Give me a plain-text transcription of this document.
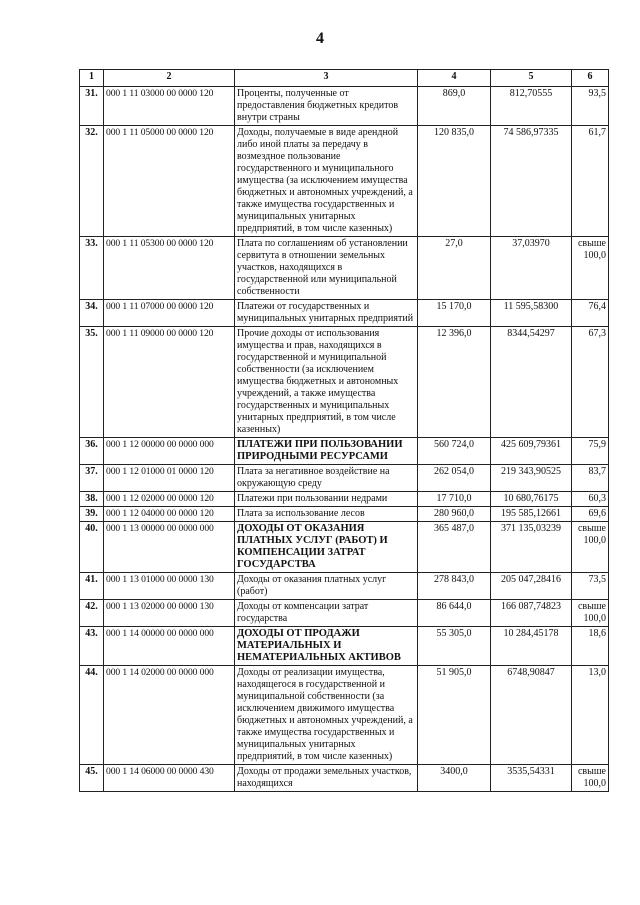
4
1	2	3	4	5	6
31.	000 1 11 03000 00 0000 120	Проценты, полученные от предоставления бюджетных кредитов внутри страны	869,0	812,70555	93,5
32.	000 1 11 05000 00 0000 120	Доходы, получаемые в виде арендной либо иной платы за передачу в возмездное пользование государственного и муниципального имущества (за исключением имущества бюджетных и автономных учреждений, а также имущества государственных и муниципальных унитарных предприятий, в том числе казенных)	120 835,0	74 586,97335	61,7
33.	000 1 11 05300 00 0000 120	Плата по соглашениям об установлении сервитута в отношении земельных участков, находящихся в государственной или муниципальной собственности	27,0	37,03970	свыше 100,0
34.	000 1 11 07000 00 0000 120	Платежи от государственных и муниципальных унитарных предприятий	15 170,0	11 595,58300	76,4
35.	000 1 11 09000 00 0000 120	Прочие доходы от использования имущества и прав, находящихся в государственной и муниципальной собственности (за исключением имущества бюджетных и автономных учреждений, а также имущества государственных и муниципальных унитарных предприятий, в том числе казенных)	12 396,0	8344,54297	67,3
36.	000 1 12 00000 00 0000 000	ПЛАТЕЖИ ПРИ ПОЛЬЗОВАНИИ ПРИРОДНЫМИ РЕСУРСАМИ	560 724,0	425 609,79361	75,9
37.	000 1 12 01000 01 0000 120	Плата за негативное воздействие на окружающую среду	262 054,0	219 343,90525	83,7
38.	000 1 12 02000 00 0000 120	Платежи при пользовании недрами	17 710,0	10 680,76175	60,3
39.	000 1 12 04000 00 0000 120	Плата за использование лесов	280 960,0	195 585,12661	69,6
40.	000 1 13 00000 00 0000 000	ДОХОДЫ ОТ ОКАЗАНИЯ ПЛАТНЫХ УСЛУГ (РАБОТ) И КОМПЕНСАЦИИ ЗАТРАТ ГОСУДАРСТВА	365 487,0	371 135,03239	свыше 100,0
41.	000 1 13 01000 00 0000 130	Доходы от оказания платных услуг (работ)	278 843,0	205 047,28416	73,5
42.	000 1 13 02000 00 0000 130	Доходы от компенсации затрат государства	86 644,0	166 087,74823	свыше 100,0
43.	000 1 14 00000 00 0000 000	ДОХОДЫ ОТ ПРОДАЖИ МАТЕРИАЛЬНЫХ И НЕМАТЕРИАЛЬНЫХ АКТИВОВ	55 305,0	10 284,45178	18,6
44.	000 1 14 02000 00 0000 000	Доходы от реализации имущества, находящегося в государственной и муниципальной собственности (за исключением движимого имущества бюджетных и автономных учреждений, а также имущества государственных и муниципальных унитарных предприятий, в том числе казенных)	51 905,0	6748,90847	13,0
45.	000 1 14 06000 00 0000 430	Доходы от продажи земельных участков, находящихся	3400,0	3535,54331	свыше 100,0
